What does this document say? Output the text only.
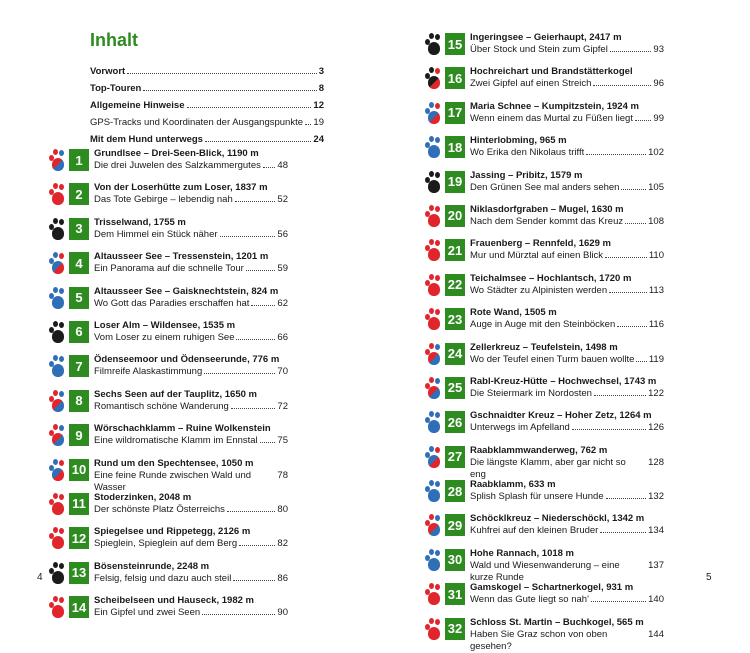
Inhalt
Vorwort	3
Top-Touren	8
Allgemeine Hinweise	12
GPS-Tracks und Koordinaten der Ausgangspunkte 19
Mit dem Hund unterwegs	24
1	Grundlsee – Drei-Seen-Blick, 1190 m
Die drei Juwelen des Salzkammergutes 48
2	Von der Loserhütte zum Loser, 1837 m
Das Tote Gebirge – lebendig nah	52
3	Trisselwand, 1755 m
Dem Himmel ein Stück näher	56
4	Altausseer See – Tressenstein, 1201 m
Ein Panorama auf die schnelle Tour	59
5	Altausseer See – Gaisknechtstein, 824 m
Wo Gott das Paradies erschaffen hat	62
6	Loser Alm – Wildensee, 1535 m
Vom Loser zu einem ruhigen See	66
7	Ödenseemoor und Ödenseerunde, 776 m
Filmreife Alaskastimmung	70
8	Sechs Seen auf der Tauplitz, 1650 m
Romantisch schöne Wanderung	72
9	Wörschachklamm – Ruine Wolkenstein
Eine wildromatische Klamm im Ennstal 75
10 Rund um den Spechtensee, 1050 m
Eine feine Runde zwischen Wald und Wasser
78
11 Stoderzinken, 2048 m
Der schönste Platz Österreichs	80
12 Spiegelsee und Rippetegg, 2126 m
Spieglein, Spieglein auf dem Berg	82
13 Bösensteinrunde, 2248 m
Felsig, felsig und dazu auch steil	86
14 Scheibelseen und Hauseck, 1982 m
Ein Gipfel und zwei Seen	90
15 Ingeringsee – Geierhaupt, 2417 m
Über Stock und Stein zum Gipfel	93
16 Hochreichart und Brandstätterkogel
Zwei Gipfel auf einen Streich	96
17 Maria Schnee – Kumpitzstein, 1924 m
Wenn einem das Murtal zu Füßen liegt 99
18 Hinterlobming, 965 m
Wo Erika den Nikolaus trifft	102
19 Jassing – Pribitz, 1579 m
Den Grünen See mal anders sehen	105
20 Niklasdorfgraben – Mugel, 1630 m
Nach dem Sender kommt das Kreuz	108
21 Frauenberg – Rennfeld, 1629 m
Mur und Mürztal auf einen Blick	110
22 Teichalmsee – Hochlantsch, 1720 m
Wo Städter zu Alpinisten werden	113
23 Rote Wand, 1505 m
Auge in Auge mit den Steinböcken	116
24 Zellerkreuz – Teufelstein, 1498 m
Wo der Teufel einen Turm bauen wollte 119
25 Rabl-Kreuz-Hütte – Hochwechsel, 1743 m
Die Steiermark im Nordosten	122
26 Gschnaidter Kreuz – Hoher Zetz, 1264 m
Unterwegs im Apfelland	126
27 Raabklammwanderweg, 762 m
Die längste Klamm, aber gar nicht so eng
128
28 Raabklamm, 633 m
Splish Splash für unsere Hunde	132
29 Schöcklkreuz – Niederschöckl, 1342 m
Kuhfrei auf den kleinen Bruder	134
30 Hohe Rannach, 1018 m
Wald und Wiesenwanderung – eine kurze Runde
137
31 Gamskogel – Schartnerkogel, 931 m
Wenn das Gute liegt so nah'	140
32 Schloss St. Martin – Buchkogel, 565 m
Haben Sie Graz schon von oben gesehen?
144
4	5
